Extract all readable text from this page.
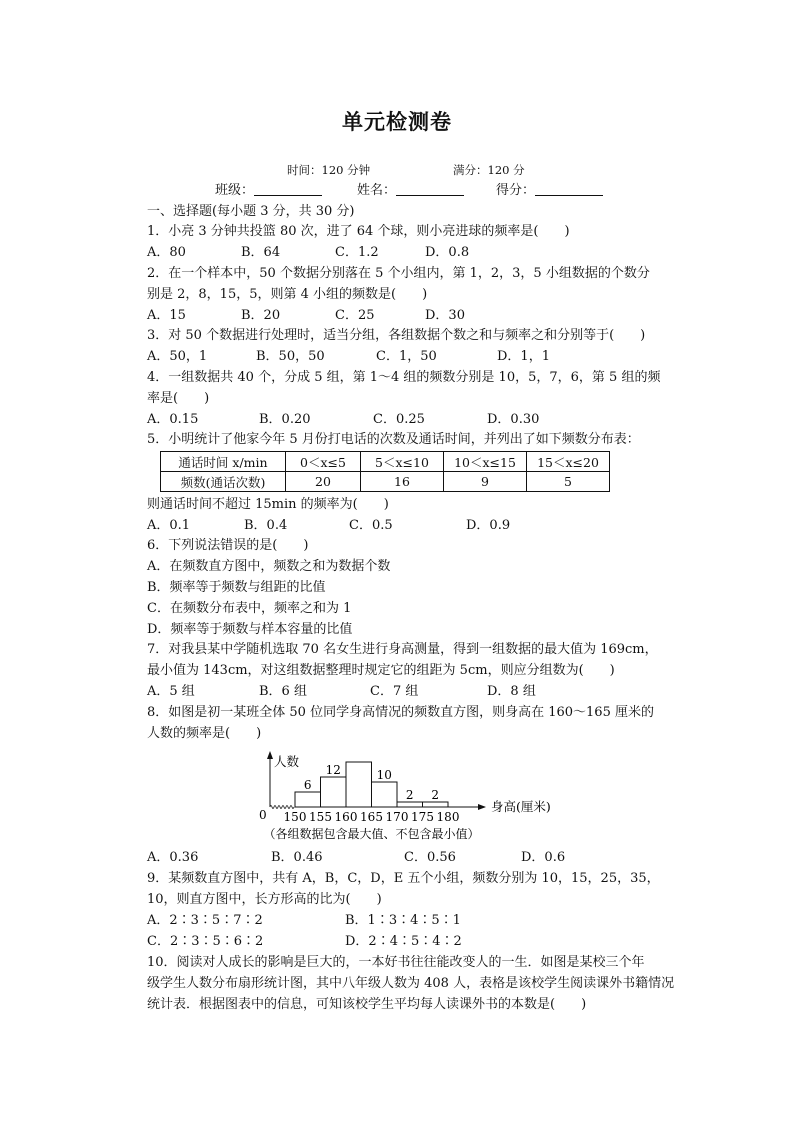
单元检测卷
时间：120 分钟	满分：120 分
班级：	姓名：	得分：
一、选择题(每小题 3 分，共 30 分)
1．小亮 3 分钟共投篮 80 次，进了 64 个球，则小亮进球的频率是(　　)
A．80	B．64	C．1.2	D．0.8
2．在一个样本中，50 个数据分别落在 5 个小组内，第 1，2，3，5 小组数据的个数分
别是 2，8，15，5，则第 4 小组的频数是(　　)
A．15	B．20	C．25	D．30
3．对 50 个数据进行处理时，适当分组，各组数据个数之和与频率之和分别等于(　　)
A．50，1	B．50，50	C．1，50	D．1，1
4．一组数据共 40 个，分成 5 组，第 1～4 组的频数分别是 10，5，7，6，第 5 组的频
率是(　　)
A．0.15	B．0.20	C．0.25	D．0.30
5．小明统计了他家今年 5 月份打电话的次数及通话时间，并列出了如下频数分布表：
通话时间 x/min	0＜x≤5	5＜x≤10	10＜x≤15	15＜x≤20
频数(通话次数)	20	16	9	5
则通话时间不超过 15min 的频率为(　　)
A．0.1	B．0.4	C．0.5	D．0.9
6．下列说法错误的是(　　)
A．在频数直方图中，频数之和为数据个数
B．频率等于频数与组距的比值
C．在频数分布表中，频率之和为 1
D．频率等于频数与样本容量的比值
7．对我县某中学随机选取 70 名女生进行身高测量，得到一组数据的最大值为 169cm，
最小值为 143cm，对这组数据整理时规定它的组距为 5cm，则应分组数为(　　)
A．5 组	B．6 组	C．7 组	D．8 组
8．如图是初一某班全体 50 位同学身高情况的频数直方图，则身高在 160～165 厘米的
人数的频率是(　　)
0
人数
身高(厘米)
6
12	10
2 2
150 155 160 165 170 175 180
（各组数据包含最大值、不包含最小值）
A．0.36	B．0.46	C．0.56	D．0.6
9．某频数直方图中，共有 A，B，C，D，E 五个小组，频数分别为 10，15，25，35，
10，则直方图中，长方形高的比为(　　)
A．2∶3∶5∶7∶2	B．1∶3∶4∶5∶1
C．2∶3∶5∶6∶2	D．2∶4∶5∶4∶2
10．阅读对人成长的影响是巨大的，一本好书往往能改变人的一生．如图是某校三个年
级学生人数分布扇形统计图，其中八年级人数为 408 人，表格是该校学生阅读课外书籍情况
统计表．根据图表中的信息，可知该校学生平均每人读课外书的本数是(　　)
